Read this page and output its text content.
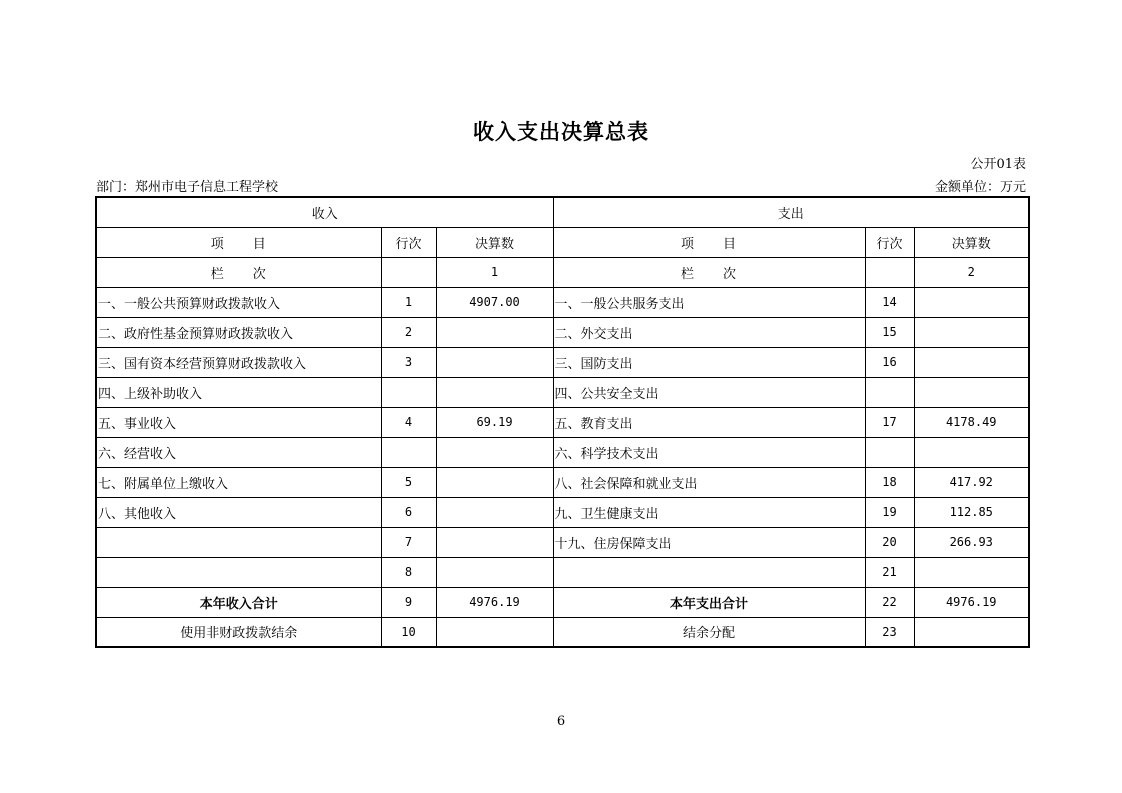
收入支出决算总表
公开01表
部门：郑州市电子信息工程学校	金额单位：万元
收入			支出		
项　　目	行次	决算数	项　　目	行次	决算数
栏　　次		1	栏　　次		2
一、一般公共预算财政拨款收入	1	4907.00	一、一般公共服务支出	14	
二、政府性基金预算财政拨款收入	2		二、外交支出	15	
三、国有资本经营预算财政拨款收入	3		三、国防支出	16	
四、上级补助收入			四、公共安全支出		
五、事业收入	4	69.19	五、教育支出	17	4178.49
六、经营收入			六、科学技术支出		
七、附属单位上缴收入	5		八、社会保障和就业支出	18	417.92
八、其他收入	6		九、卫生健康支出	19	112.85
	7		十九、住房保障支出	20	266.93
	8			21	
本年收入合计	9	4976.19	本年支出合计	22	4976.19
使用非财政拨款结余	10		结余分配	23	
6
